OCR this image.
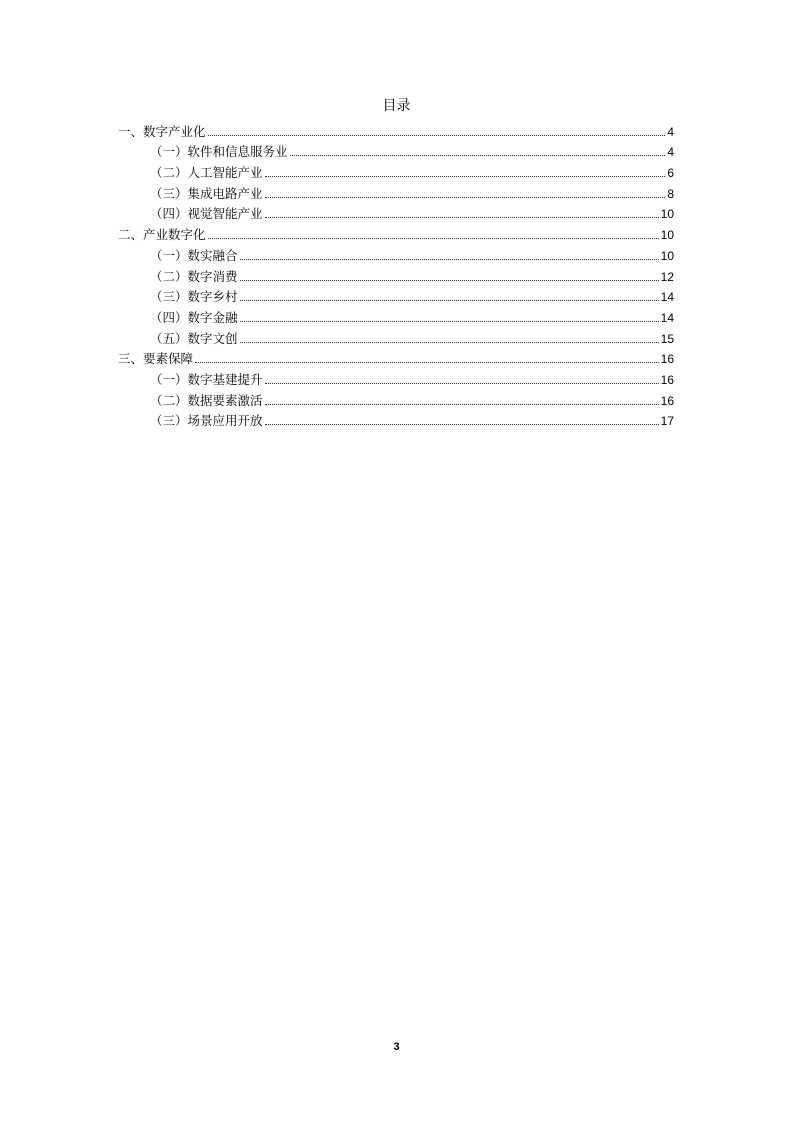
目录
一、数字产业化	4
（一）软件和信息服务业	4
（二）人工智能产业	6
（三）集成电路产业	8
（四）视觉智能产业	10
二、产业数字化	10
（一）数实融合	10
（二）数字消费	12
（三）数字乡村	14
（四）数字金融	14
（五）数字文创	15
三、要素保障	16
（一）数字基建提升	16
（二）数据要素激活	16
（三）场景应用开放	17
3
